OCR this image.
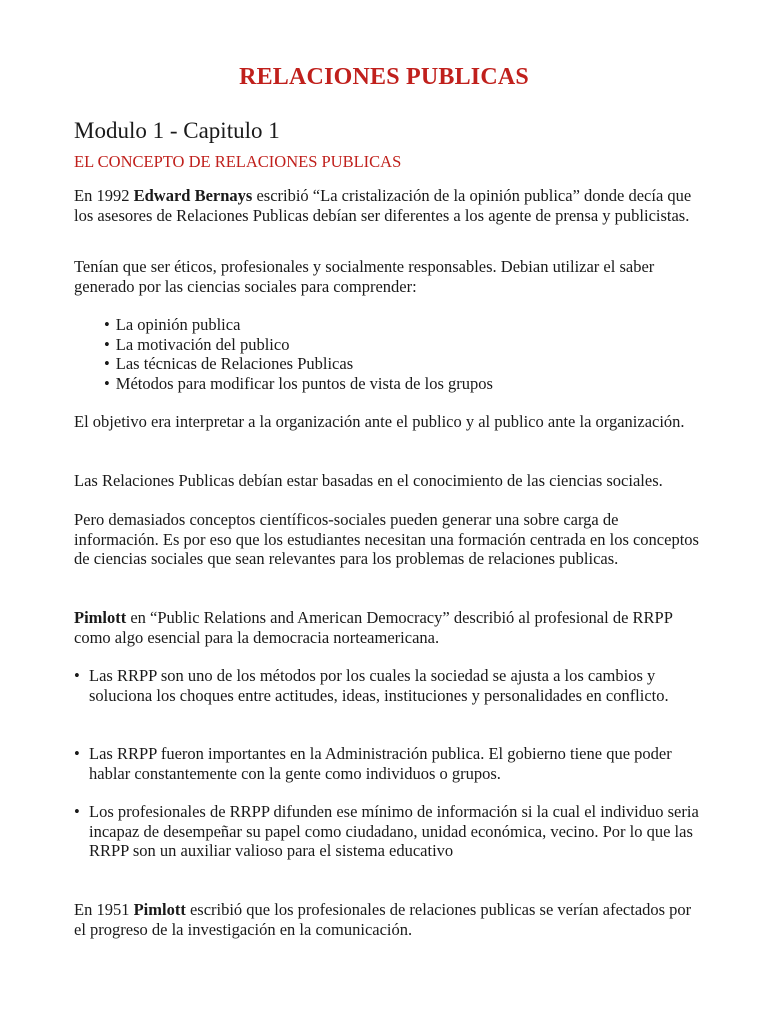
RELACIONES PUBLICAS
Modulo 1 - Capitulo 1
EL CONCEPTO DE RELACIONES PUBLICAS

En 1992 Edward Bernays escribió “La cristalización de la opinión publica” donde decía que los asesores de Relaciones Publicas debían ser diferentes a los agente de prensa y publicistas.

Tenían que ser éticos, profesionales y socialmente responsables. Debian utilizar el saber generado por las ciencias sociales para comprender:

• La opinión publica
• La motivación del publico
• Las técnicas de Relaciones Publicas
• Métodos para modificar los puntos de vista de los grupos

El objetivo era interpretar a la organización ante el publico y al publico ante la organización.

Las Relaciones Publicas debían estar basadas en el conocimiento de las ciencias sociales.

Pero demasiados conceptos científicos-sociales pueden generar una sobre carga de información. Es por eso que los estudiantes necesitan una formación centrada en los conceptos de ciencias sociales que sean relevantes para los problemas de relaciones publicas.

Pimlott en “Public Relations and American Democracy” describió al profesional de RRPP como algo esencial para la democracia norteamericana.

• Las RRPP son uno de los métodos por los cuales la sociedad se ajusta a los cambios y soluciona los choques entre actitudes, ideas, instituciones y personalidades en conflicto.
• Las RRPP fueron importantes en la Administración publica. El gobierno tiene que poder hablar constantemente con la gente como individuos o grupos.
• Los profesionales de RRPP difunden ese mínimo de información si la cual el individuo seria incapaz de desempeñar su papel como ciudadano, unidad económica, vecino. Por lo que las RRPP son un auxiliar valioso para el sistema educativo

En 1951 Pimlott escribió que los profesionales de relaciones publicas se verían afectados por el progreso de la investigación en la comunicación.
